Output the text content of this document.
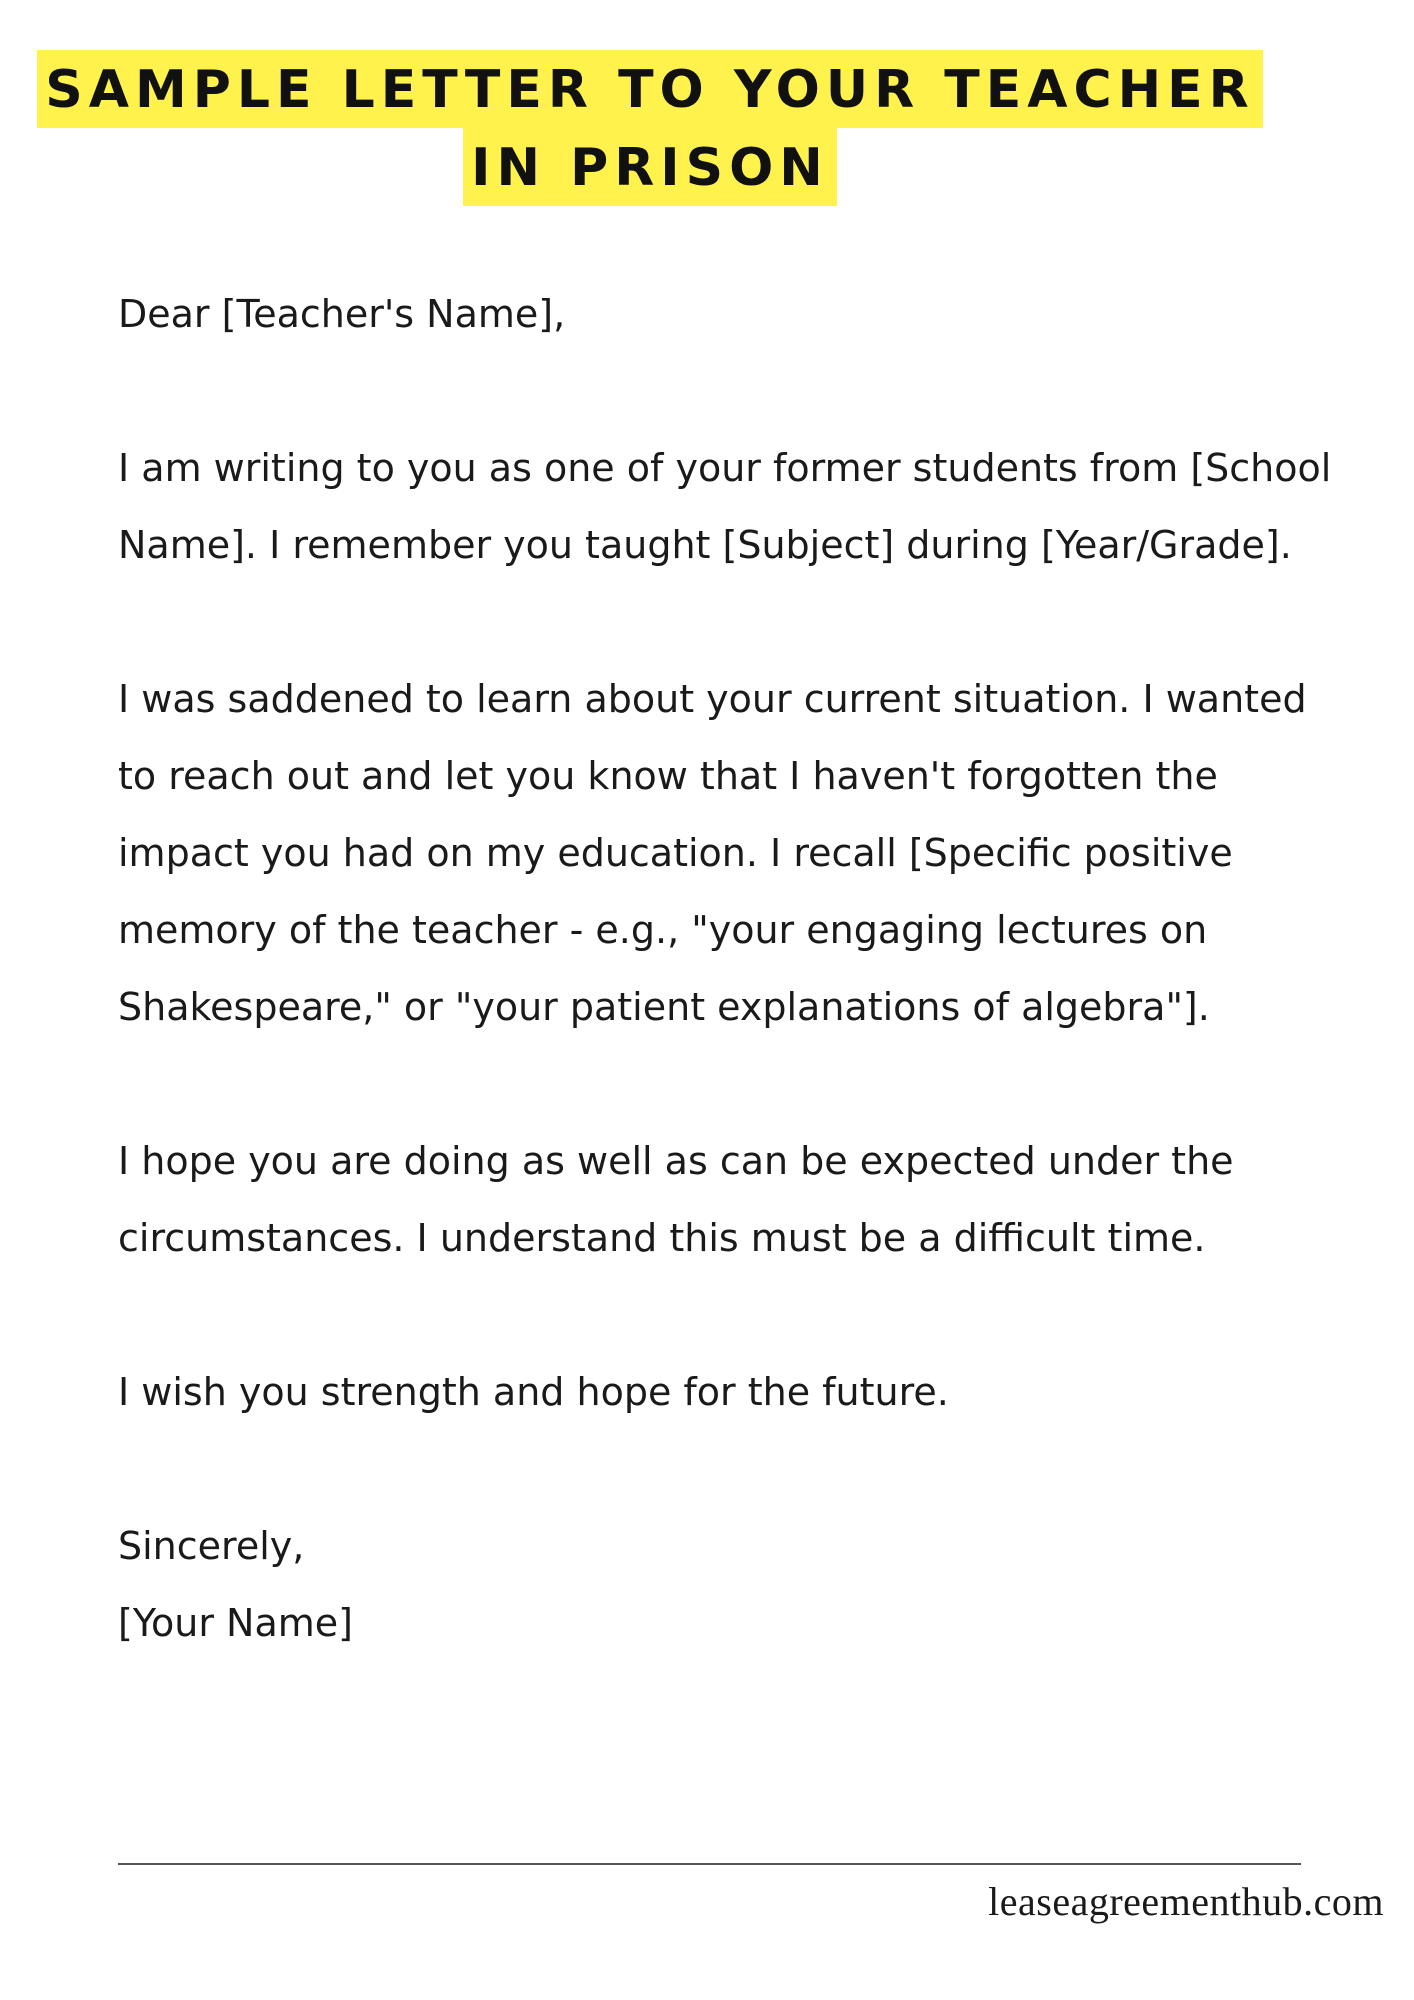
SAMPLE LETTER TO YOUR TEACHER
IN PRISON

Dear [Teacher's Name],

I am writing to you as one of your former students from [School Name]. I remember you taught [Subject] during [Year/Grade].

I was saddened to learn about your current situation. I wanted to reach out and let you know that I haven't forgotten the impact you had on my education. I recall [Specific positive memory of the teacher - e.g., "your engaging lectures on Shakespeare," or "your patient explanations of algebra"].

I hope you are doing as well as can be expected under the circumstances. I understand this must be a difficult time.

I wish you strength and hope for the future.

Sincerely,

[Your Name]

leaseagreementhub.com
